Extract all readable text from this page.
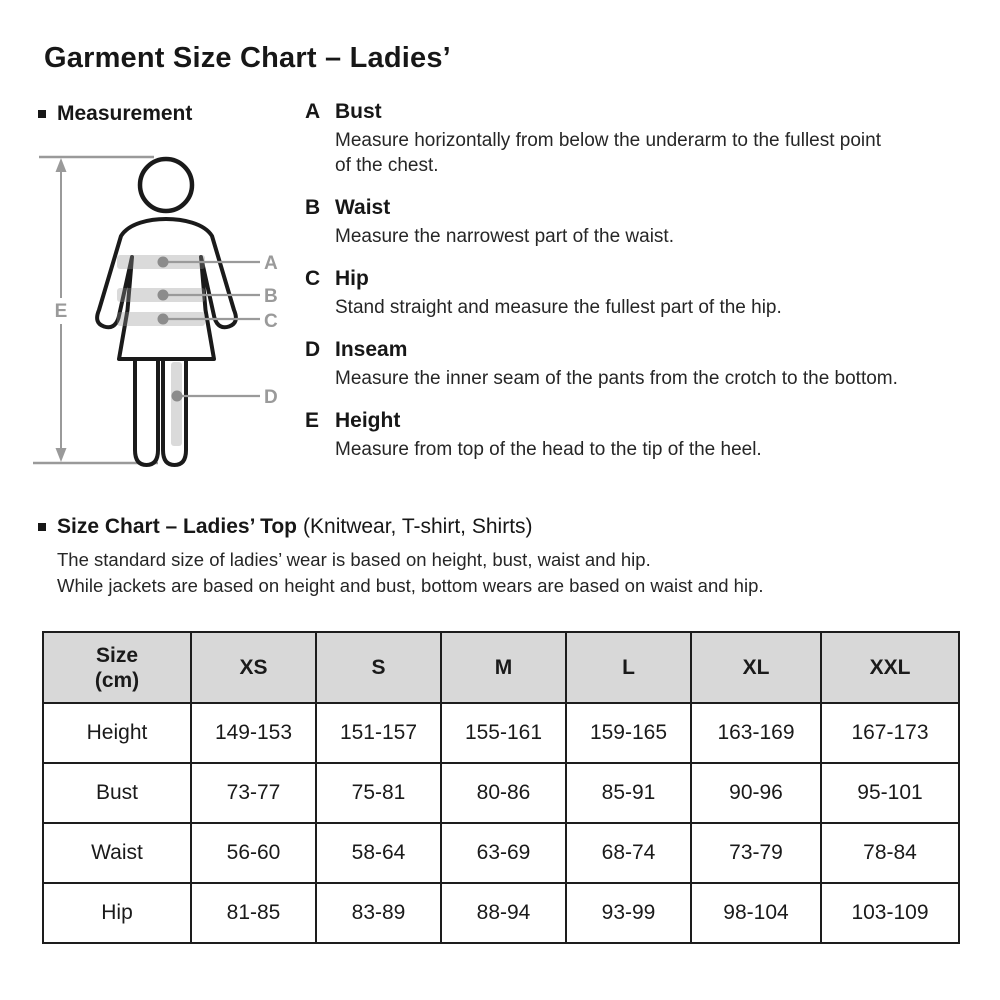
Garment Size Chart – Ladies’
Measurement
A
B
C
D
E
A Bust
Measure horizontally from below the underarm to the fullest point
of the chest.
B Waist
Measure the narrowest part of the waist.
C Hip
Stand straight and measure the fullest part of the hip.
D Inseam
Measure the inner seam of the pants from the crotch to the bottom.
E Height
Measure from top of the head to the tip of the heel.
Size Chart – Ladies’ Top (Knitwear, T-shirt, Shirts)
The standard size of ladies’ wear is based on height, bust, waist and hip.
While jackets are based on height and bust, bottom wears are based on waist and hip.
Size
(cm)	XS	S	M	L	XL	XXL
Height	149-153	151-157	155-161	159-165	163-169	167-173
Bust	73-77	75-81	80-86	85-91	90-96	95-101
Waist	56-60	58-64	63-69	68-74	73-79	78-84
Hip	81-85	83-89	88-94	93-99	98-104	103-109
